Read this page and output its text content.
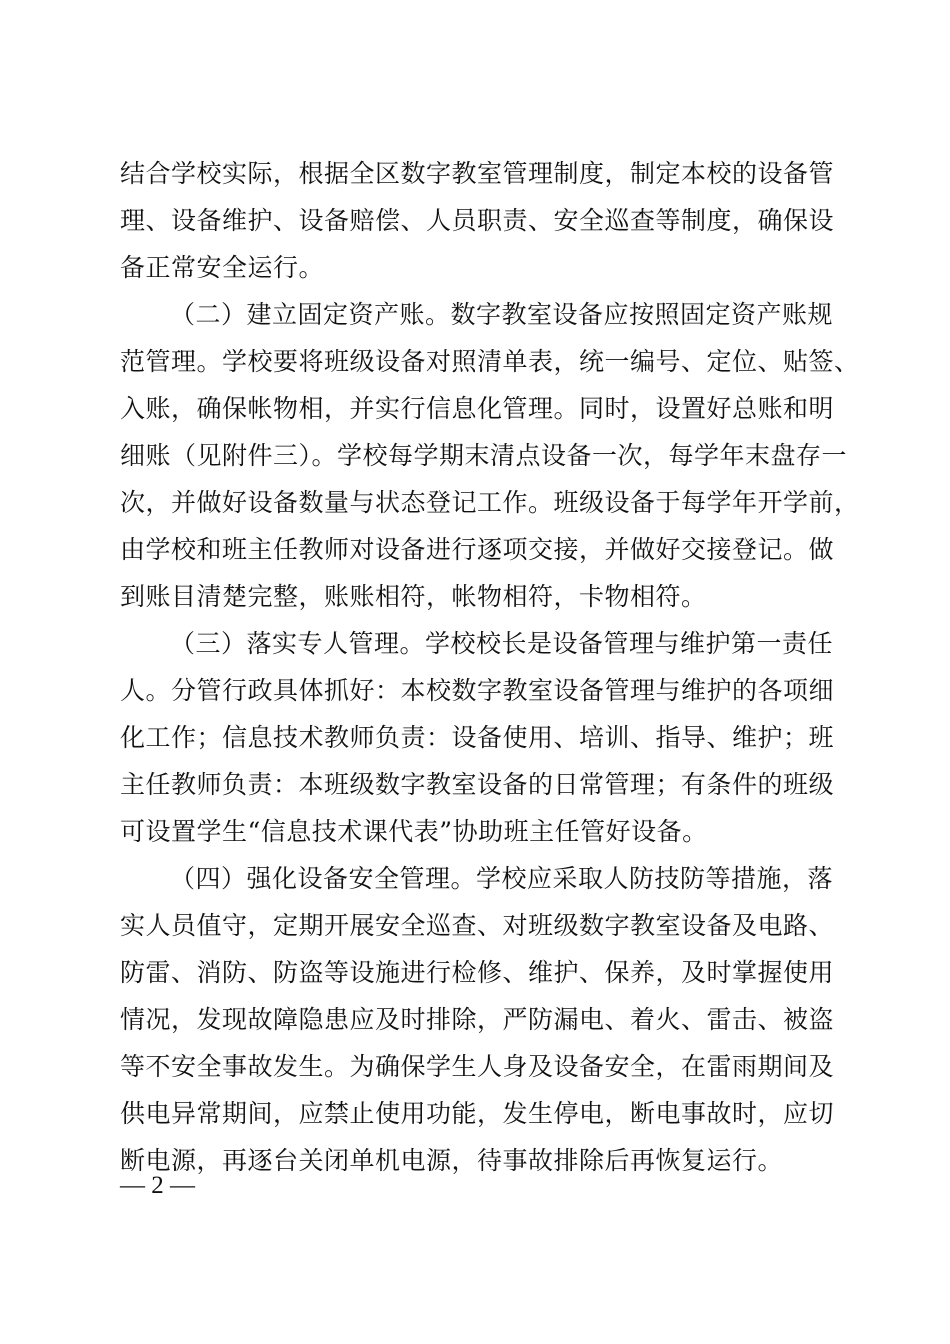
结合学校实际，根据全区数字教室管理制度，制定本校的设备管
理、设备维护、设备赔偿、人员职责、安全巡查等制度，确保设
备正常安全运行。
（二）建立固定资产账。数字教室设备应按照固定资产账规
范管理。学校要将班级设备对照清单表，统一编号、定位、贴签、
入账，确保帐物相，并实行信息化管理。同时，设置好总账和明
细账（见附件三）。学校每学期末清点设备一次，每学年末盘存一
次，并做好设备数量与状态登记工作。班级设备于每学年开学前，
由学校和班主任教师对设备进行逐项交接，并做好交接登记。做
到账目清楚完整，账账相符，帐物相符，卡物相符。
（三）落实专人管理。学校校长是设备管理与维护第一责任
人。分管行政具体抓好：本校数字教室设备管理与维护的各项细
化工作；信息技术教师负责：设备使用、培训、指导、维护；班
主任教师负责：本班级数字教室设备的日常管理；有条件的班级
可设置学生“信息技术课代表”协助班主任管好设备。
（四）强化设备安全管理。学校应采取人防技防等措施，落
实人员值守，定期开展安全巡查、对班级数字教室设备及电路、
防雷、消防、防盗等设施进行检修、维护、保养，及时掌握使用
情况，发现故障隐患应及时排除，严防漏电、着火、雷击、被盗
等不安全事故发生。为确保学生人身及设备安全，在雷雨期间及
供电异常期间，应禁止使用功能，发生停电，断电事故时，应切
断电源，再逐台关闭单机电源，待事故排除后再恢复运行。
— 2 —
